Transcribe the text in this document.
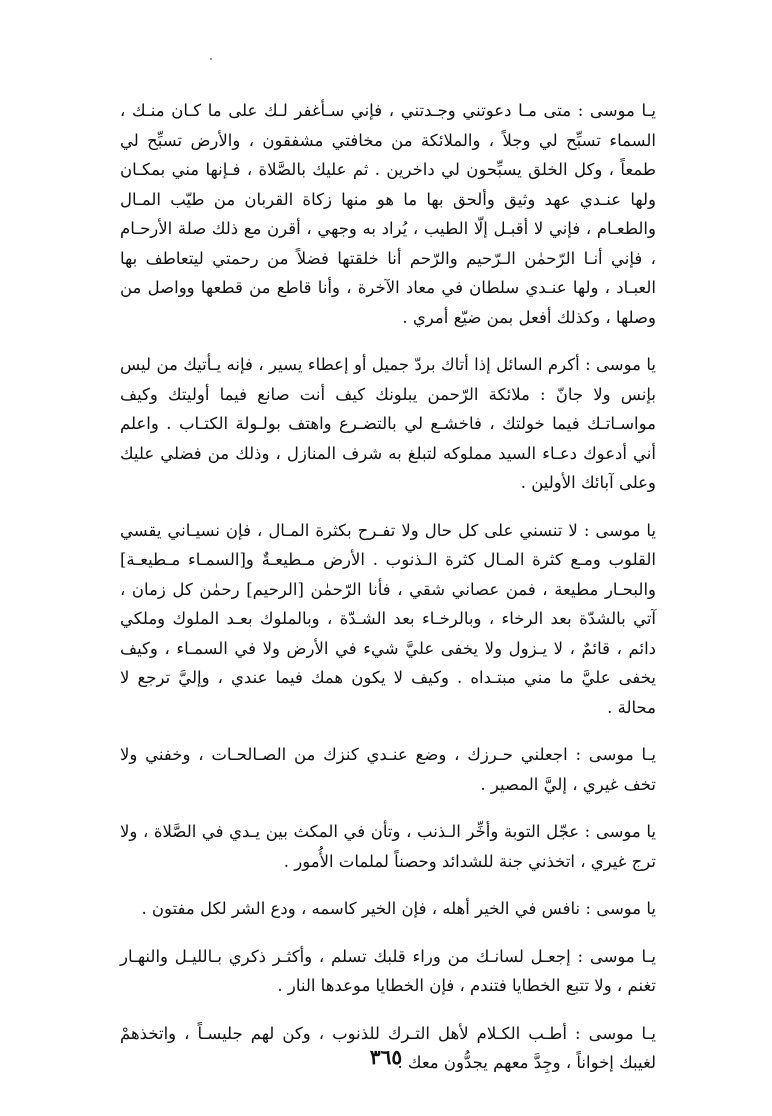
يـا موسى : متى مـا دعوتني وجـدتني ، فإني سـأغفر لـك على ما كـان منـك ، السماء تسبِّح لي وجلاً ، والملائكة من مخافتي مشفقون ، والأرض تسبِّح لي طمعاً ، وكل الخلق يسبِّحون لي داخرين . ثم عليك بالصَّلاة ، فـإنها مني بمكـان ولها عنـدي عهد وثيق وألحق بها ما هو منها زكاة القربان من طيّب المـال والطعـام ، فإني لا أقبـل إلّا الطيب ، يُراد به وجهي ، أقرن مع ذلك صلة الأرحـام ، فإني أنـا الرّحمٰن الـرّحيم والرّحم أنا خلقتها فضلاً من رحمتي ليتعاطف بها العبـاد ، ولها عنـدي سلطان في معاد الآخرة ، وأنا قاطع من قطعها وواصل من وصلها ، وكذلك أفعل بمن ضيّع أمري .

يا موسى : أكرم السائل إذا أتاك بردّ جميل أو إعطاء يسير ، فإنه يـأتيك من ليس بإنس ولا جانّ : ملائكة الرّحمن يبلونك كيف أنت صانع فيما أوليتك وكيف مواسـاتـك فيما خولتك ، فاخشـع لي بالتضـرع واهتف بولـولة الكتـاب . واعلم أني أدعوك دعـاء السيد مملوكه لتبلغ به شرف المنازل ، وذلك من فضلي عليك وعلى آبائك الأولين .

يا موسى : لا تنسني على كل حال ولا تفـرح بكثرة المـال ، فإن نسيـاني يقسي القلوب ومـع كثرة المـال كثرة الـذنوب . الأرض مـطيعـةٌ و[السمـاء مـطيعـة] والبحـار مطيعة ، فمن عصاني شقي ، فأنا الرّحمٰن [الرحيم] رحمٰن كل زمان ، آتي بالشدّة بعد الرخاء ، وبالرخـاء بعد الشـدّة ، وبالملوك بعـد الملوك وملكي دائم ، قائمٌ ، لا يـزول ولا يخفى عليَّ شيء في الأرض ولا في السمـاء ، وكيف يخفى عليَّ ما مني مبتـداه . وكيف لا يكون همك فيما عندي ، وإليَّ ترجع لا محالة .

يـا موسى : اجعلني حـرزك ، وضع عنـدي كنزك من الصـالحـات ، وخفني ولا تخف غيري ، إليَّ المصير .

يا موسى : عجّل التوبة وأخِّر الـذنب ، وتأن في المكث بين يـدي في الصَّلاة ، ولا ترج غيري ، اتخذني جنة للشدائد وحصناً لملمات الأُمور .

يا موسى : نافس في الخير أهله ، فإن الخير كاسمه ، ودع الشر لكل مفتون .

يـا موسى : إجعـل لسانـك من وراء قلبك تسلم ، وأكثـر ذكري بـالليـل والنهـار تغنم ، ولا تتبع الخطايا فتندم ، فإن الخطايا موعدها النار .

يـا موسى : أطـب الكـلام لأهل التـرك للذنوب ، وكن لهم جليسـاً ، واتخذهمْ لغيبك إخواناً ، وجِدَّ معهم يجدُّون معك .

٣٦٥
